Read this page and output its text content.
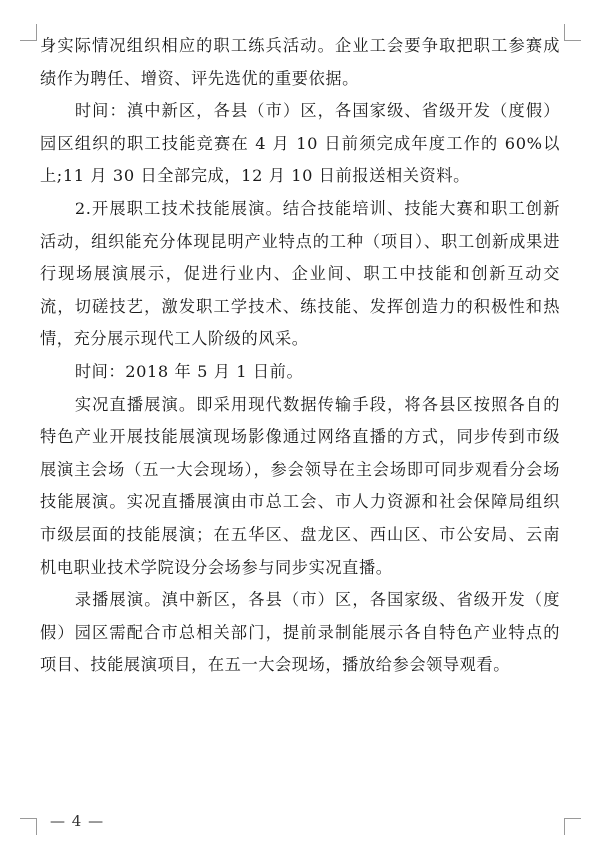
身实际情况组织相应的职工练兵活动。企业工会要争取把职工参赛成绩作为聘任、增资、评先选优的重要依据。

时间：滇中新区，各县（市）区，各国家级、省级开发（度假）园区组织的职工技能竞赛在 4 月 10 日前须完成年度工作的 60%以上;11 月 30 日全部完成，12 月 10 日前报送相关资料。

2.开展职工技术技能展演。结合技能培训、技能大赛和职工创新活动，组织能充分体现昆明产业特点的工种（项目）、职工创新成果进行现场展演展示，促进行业内、企业间、职工中技能和创新互动交流，切磋技艺，激发职工学技术、练技能、发挥创造力的积极性和热情，充分展示现代工人阶级的风采。

时间：2018 年 5 月 1 日前。

实况直播展演。即采用现代数据传输手段，将各县区按照各自的特色产业开展技能展演现场影像通过网络直播的方式，同步传到市级展演主会场（五一大会现场），参会领导在主会场即可同步观看分会场技能展演。实况直播展演由市总工会、市人力资源和社会保障局组织市级层面的技能展演；在五华区、盘龙区、西山区、市公安局、云南机电职业技术学院设分会场参与同步实况直播。

录播展演。滇中新区，各县（市）区，各国家级、省级开发（度假）园区需配合市总相关部门，提前录制能展示各自特色产业特点的项目、技能展演项目，在五一大会现场，播放给参会领导观看。

— 4 —
